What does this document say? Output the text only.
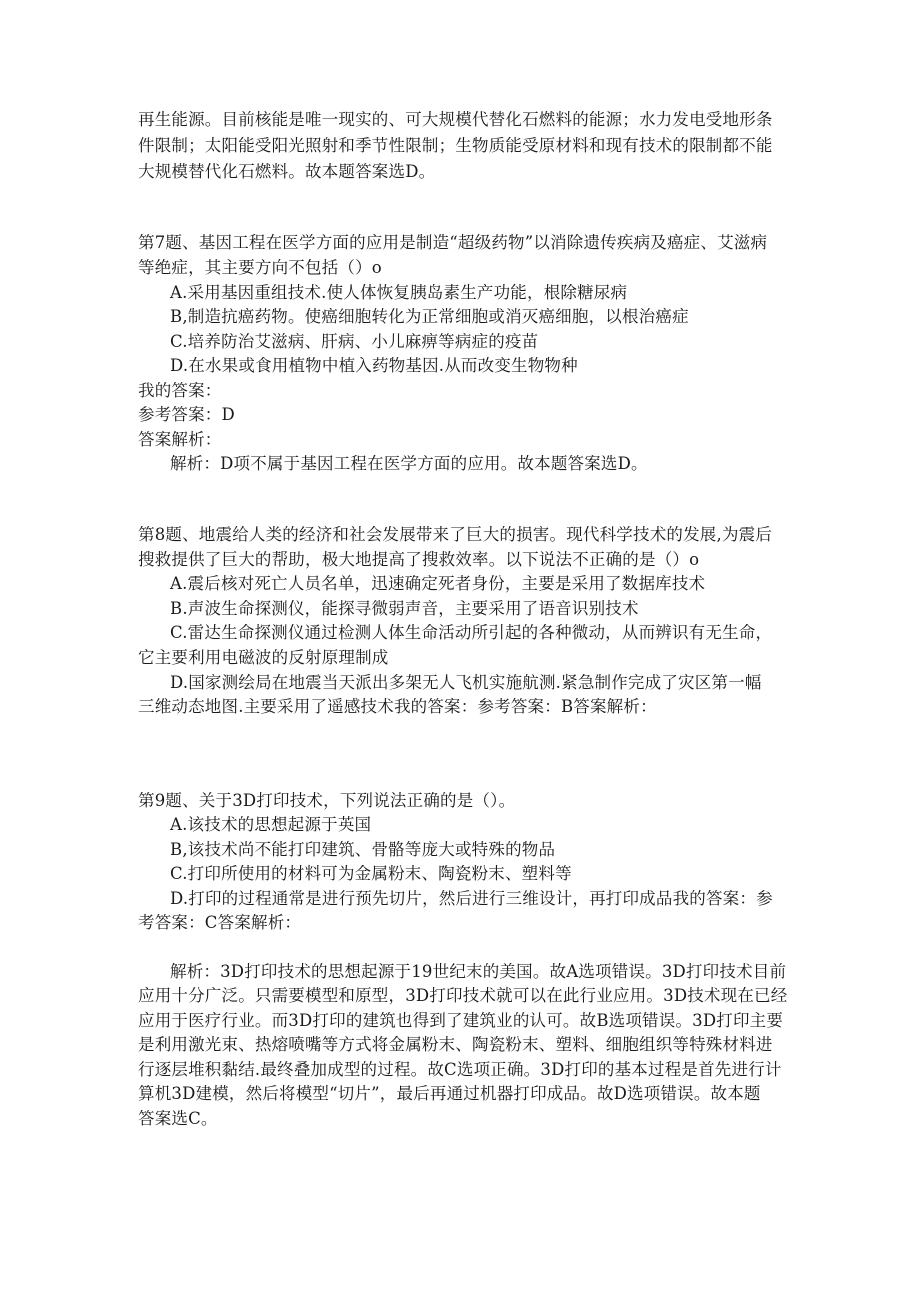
再生能源。目前核能是唯一现实的、可大规模代替化石燃料的能源；水力发电受地形条
件限制；太阳能受阳光照射和季节性限制；生物质能受原材料和现有技术的限制都不能
大规模替代化石燃料。故本题答案选D。
第7题、基因工程在医学方面的应用是制造“超级药物”以消除遗传疾病及癌症、艾滋病
等绝症，其主要方向不包括（）o
A.采用基因重组技术.使人体恢复胰岛素生产功能，根除糖尿病
B,制造抗癌药物。使癌细胞转化为正常细胞或消灭癌细胞，以根治癌症
C.培养防治艾滋病、肝病、小儿麻痹等病症的疫苗
D.在水果或食用植物中植入药物基因.从而改变生物物种
我的答案：
参考答案：D
答案解析：
解析：D项不属于基因工程在医学方面的应用。故本题答案选D。
第8题、地震给人类的经济和社会发展带来了巨大的损害。现代科学技术的发展,为震后
搜救提供了巨大的帮助，极大地提高了搜救效率。以下说法不正确的是（）o
A.震后核对死亡人员名单，迅速确定死者身份，主要是采用了数据库技术
B.声波生命探测仪，能探寻微弱声音，主要采用了语音识别技术
C.雷达生命探测仪通过检测人体生命活动所引起的各种微动，从而辨识有无生命，
它主要利用电磁波的反射原理制成
D.国家测绘局在地震当天派出多架无人飞机实施航测.紧急制作完成了灾区第一幅
三维动态地图.主要采用了遥感技术我的答案：参考答案：B答案解析：
第9题、关于3D打印技术，下列说法正确的是（）。
A.该技术的思想起源于英国
B,该技术尚不能打印建筑、骨骼等庞大或特殊的物品
C.打印所使用的材料可为金属粉末、陶瓷粉末、塑料等
D.打印的过程通常是进行预先切片，然后进行三维设计，再打印成品我的答案：参
考答案：C答案解析：
解析：3D打印技术的思想起源于19世纪末的美国。故A选项错误。3D打印技术目前
应用十分广泛。只需要模型和原型，3D打印技术就可以在此行业应用。3D技术现在已经
应用于医疗行业。而3D打印的建筑也得到了建筑业的认可。故B选项错误。3D打印主要
是利用激光束、热熔喷嘴等方式将金属粉末、陶瓷粉末、塑料、细胞组织等特殊材料进
行逐层堆积黏结.最终叠加成型的过程。故C选项正确。3D打印的基本过程是首先进行计
算机3D建模，然后将模型“切片”，最后再通过机器打印成品。故D选项错误。故本题
答案选C。
